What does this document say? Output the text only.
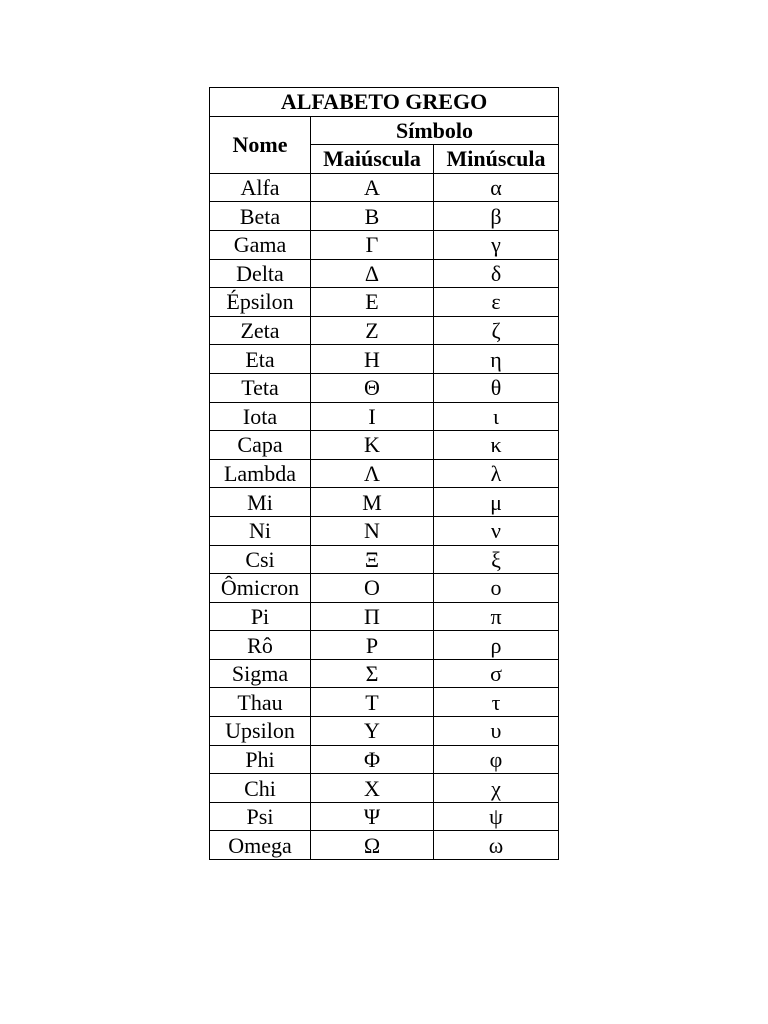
ALFABETO GREGO		
Nome	Símbolo	
	Maiúscula	Minúscula
Alfa	Α	α
Beta	Β	β
Gama	Γ	γ
Delta	Δ	δ
Épsilon	Ε	ε
Zeta	Ζ	ζ
Eta	Η	η
Teta	Θ	θ
Iota	Ι	ι
Capa	Κ	κ
Lambda	Λ	λ
Mi	Μ	μ
Ni	Ν	ν
Csi	Ξ	ξ
Ômicron	Ο	ο
Pi	Π	π
Rô	Ρ	ρ
Sigma	Σ	σ
Thau	Τ	τ
Upsilon	Υ	υ
Phi	Φ	φ
Chi	Χ	χ
Psi	Ψ	ψ
Omega	Ω	ω
